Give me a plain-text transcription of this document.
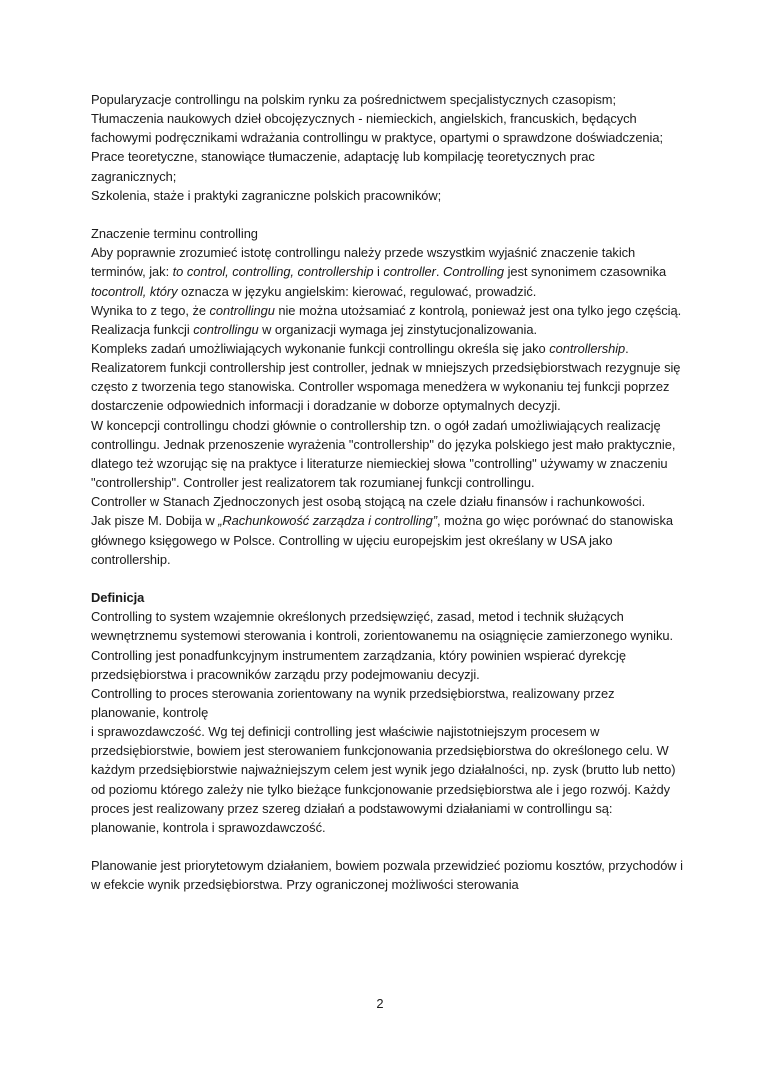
Popularyzacje controllingu na polskim rynku za pośrednictwem specjalistycznych czasopism;

Tłumaczenia naukowych dzieł obcojęzycznych - niemieckich, angielskich, francuskich, będących fachowymi podręcznikami wdrażania controllingu w praktyce, opartymi o sprawdzone doświadczenia;

Prace teoretyczne, stanowiące tłumaczenie, adaptację lub kompilację teoretycznych prac zagranicznych;

Szkolenia, staże i praktyki zagraniczne polskich pracowników;

Znaczenie terminu controlling

Aby poprawnie zrozumieć istotę controllingu należy przede wszystkim wyjaśnić znaczenie takich terminów, jak: to control, controlling, controllership i controller. Controlling jest synonimem czasownika tocontroll, który oznacza w języku angielskim: kierować, regulować, prowadzić.

Wynika to z tego, że controllingu nie można utożsamiać z kontrolą, ponieważ jest ona tylko jego częścią. Realizacja funkcji controllingu w organizacji wymaga jej zinstytucjonalizowania.

Kompleks zadań umożliwiających wykonanie funkcji controllingu określa się jako controllership.

Realizatorem funkcji controllership jest controller, jednak w mniejszych przedsiębiorstwach rezygnuje się często z tworzenia tego stanowiska. Controller wspomaga menedżera w wykonaniu tej funkcji poprzez dostarczenie odpowiednich informacji i doradzanie w doborze optymalnych decyzji.

W koncepcji controllingu chodzi głównie o controllership tzn. o ogół zadań umożliwiających realizację controllingu. Jednak przenoszenie wyrażenia "controllership" do języka polskiego jest mało praktycznie, dlatego też wzorując się na praktyce i literaturze niemieckiej słowa "controlling" używamy w znaczeniu "controllership". Controller jest realizatorem tak rozumianej funkcji controllingu.

Controller w Stanach Zjednoczonych jest osobą stojącą na czele działu finansów i rachunkowości.

Jak pisze M. Dobija w „Rachunkowość zarządza i controlling”, można go więc porównać do stanowiska głównego księgowego w Polsce. Controlling w ujęciu europejskim jest określany w USA jako controllership.

Definicja

Controlling to system wzajemnie określonych przedsięwzięć, zasad, metod i technik służących wewnętrznemu systemowi sterowania i kontroli, zorientowanemu na osiągnięcie zamierzonego wyniku.

Controlling jest ponadfunkcyjnym instrumentem zarządzania, który powinien wspierać dyrekcję przedsiębiorstwa i pracowników zarządu przy podejmowaniu decyzji.

Controlling to proces sterowania zorientowany na wynik przedsiębiorstwa, realizowany przez planowanie, kontrolę

i sprawozdawczość. Wg tej definicji controlling jest właściwie najistotniejszym procesem w przedsiębiorstwie, bowiem jest sterowaniem funkcjonowania przedsiębiorstwa do określonego celu. W każdym przedsiębiorstwie najważniejszym celem jest wynik jego działalności, np. zysk (brutto lub netto) od poziomu którego zależy nie tylko bieżące funkcjonowanie przedsiębiorstwa ale i jego rozwój. Każdy proces jest realizowany przez szereg działań a podstawowymi działaniami w controllingu są: planowanie, kontrola i sprawozdawczość.

Planowanie jest priorytetowym działaniem, bowiem pozwala przewidzieć poziomu kosztów, przychodów i w efekcie wynik przedsiębiorstwa. Przy ograniczonej możliwości sterowania

2
